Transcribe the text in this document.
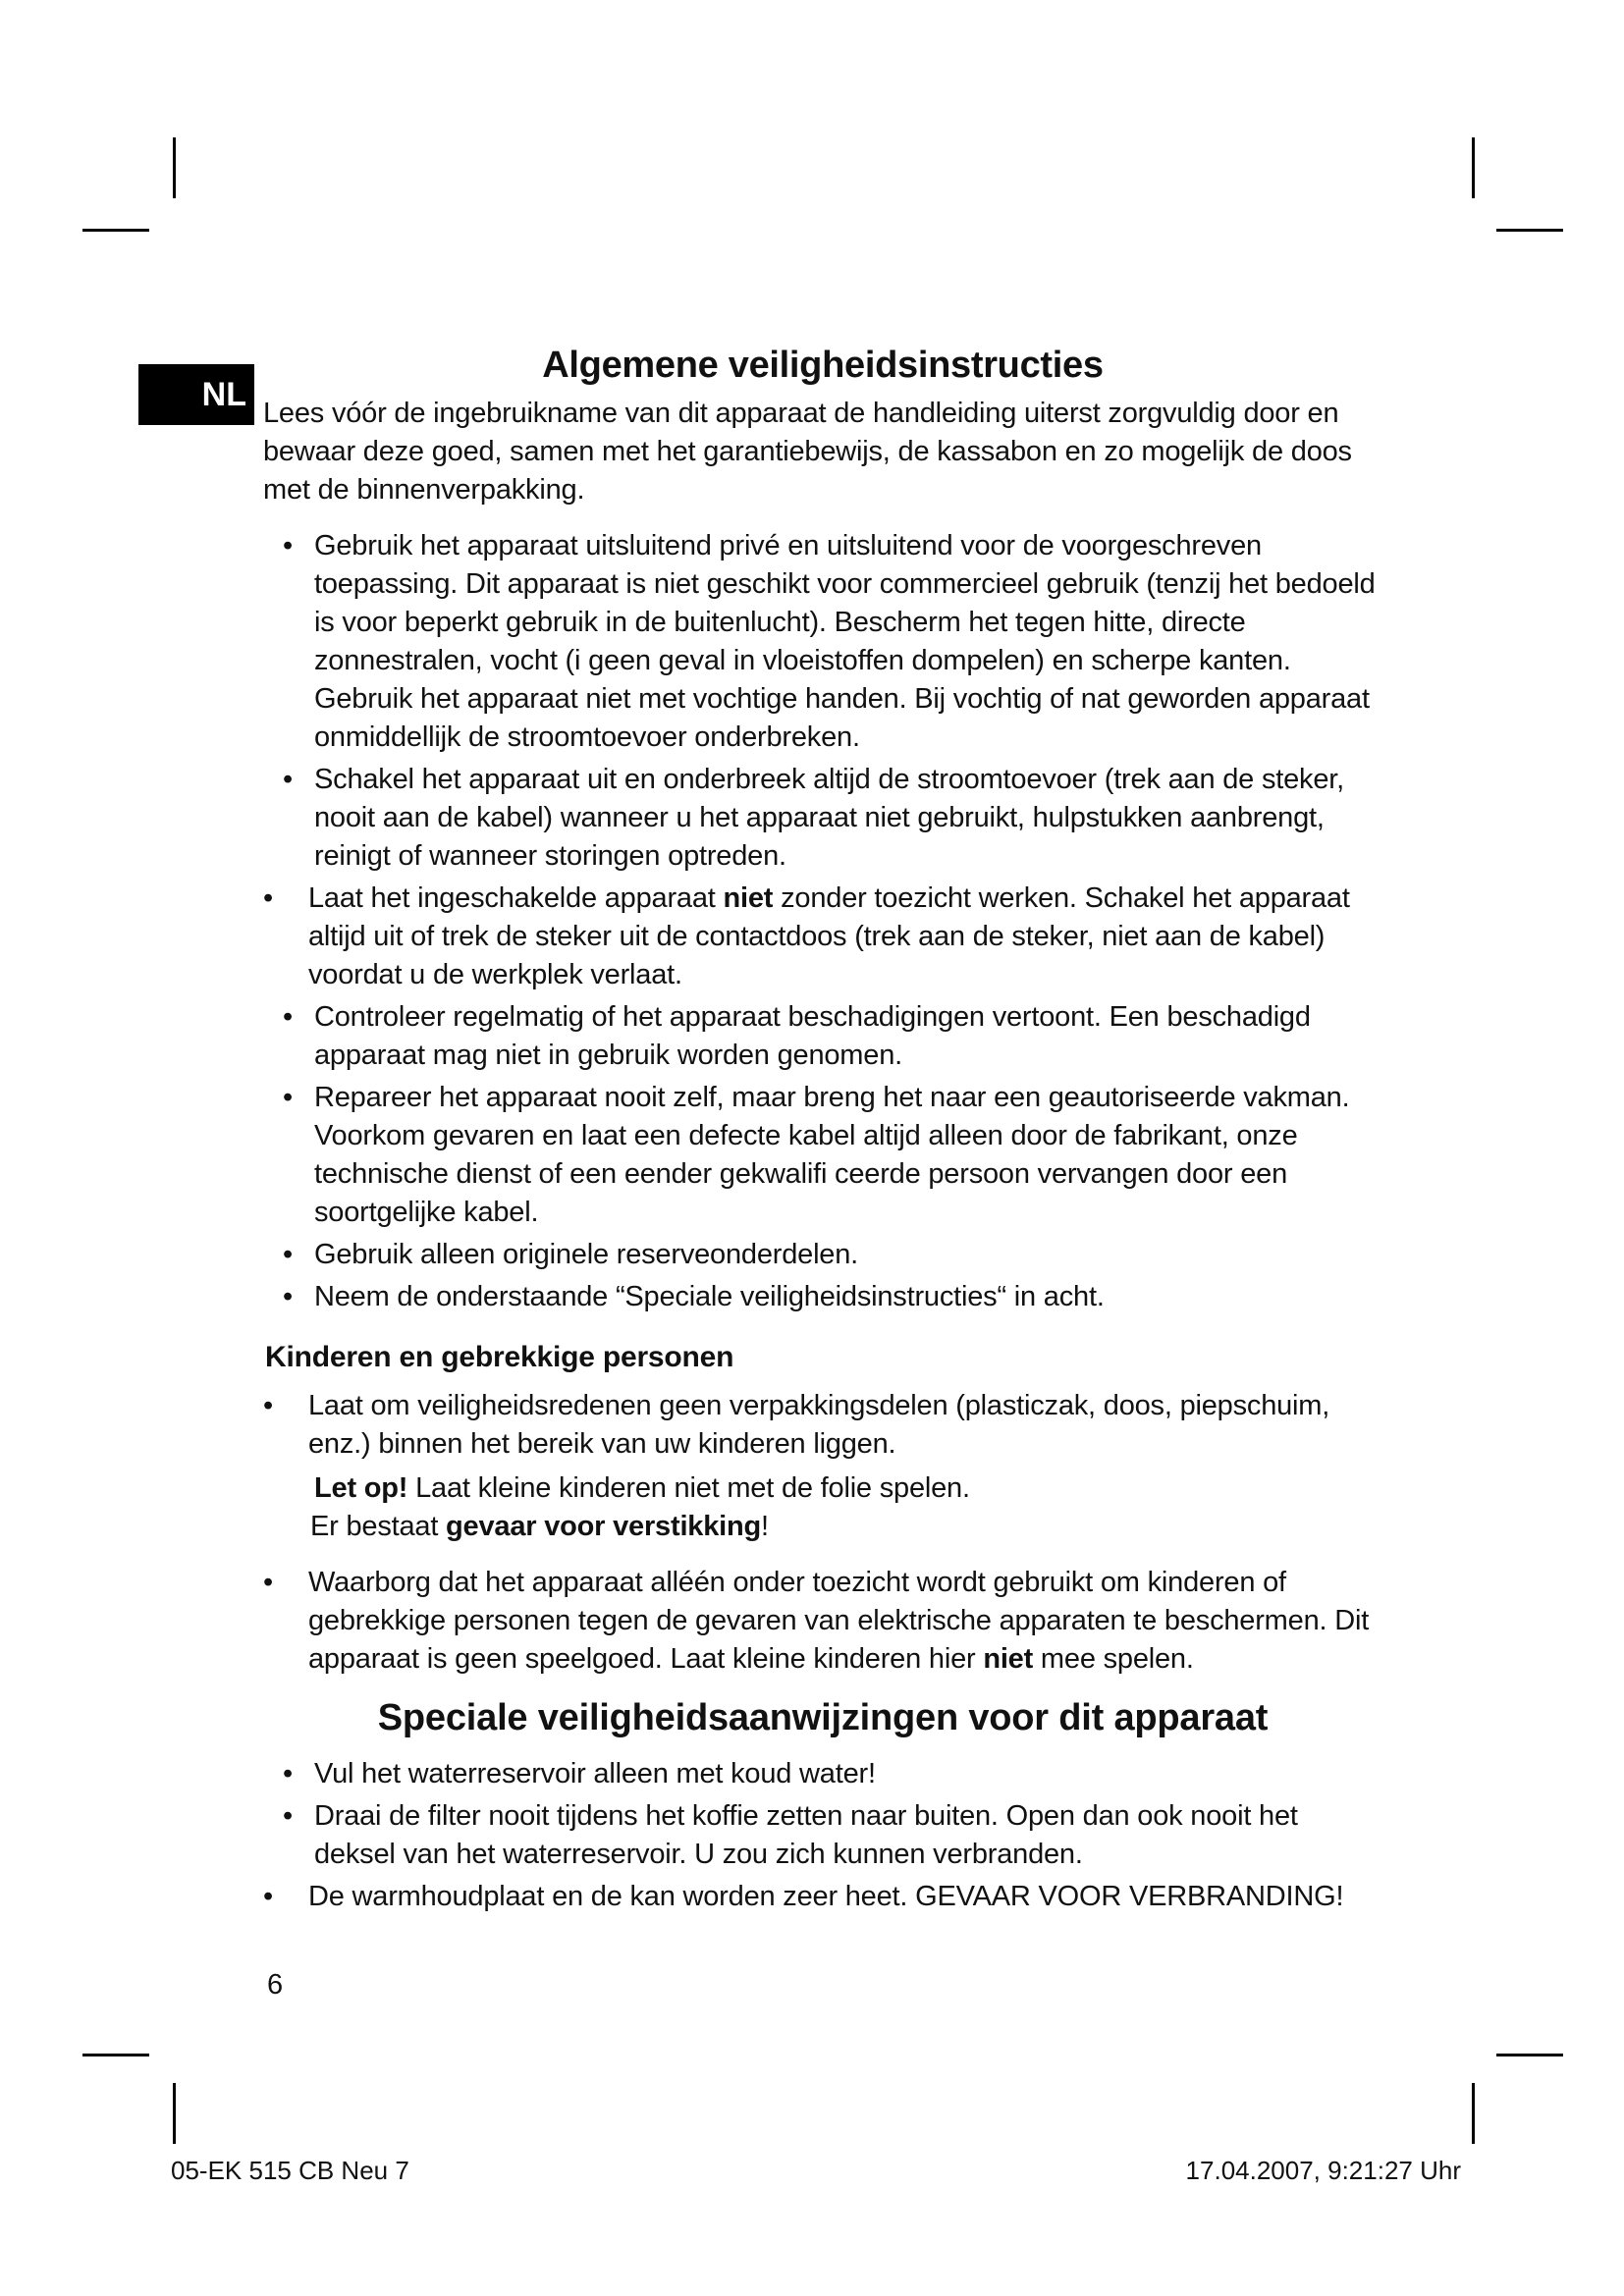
NL
Algemene veiligheidsinstructies

Lees vóór de ingebruikname van dit apparaat de handleiding uiterst zorgvuldig door en bewaar deze goed, samen met het garantiebewijs, de kassabon en zo mogelijk de doos met de binnenverpakking.

• Gebruik het apparaat uitsluitend privé en uitsluitend voor de voorgeschreven toepassing. Dit apparaat is niet geschikt voor commercieel gebruik (tenzij het bedoeld is voor beperkt gebruik in de buitenlucht). Bescherm het tegen hitte, directe zonnestralen, vocht (i geen geval in vloeistoffen dompelen) en scherpe kanten. Gebruik het apparaat niet met vochtige handen. Bij vochtig of nat geworden apparaat onmiddellijk de stroomtoevoer onderbreken.
• Schakel het apparaat uit en onderbreek altijd de stroomtoevoer (trek aan de steker, nooit aan de kabel) wanneer u het apparaat niet gebruikt, hulpstukken aanbrengt, reinigt of wanneer storingen optreden.
• Laat het ingeschakelde apparaat niet zonder toezicht werken. Schakel het apparaat altijd uit of trek de steker uit de contactdoos (trek aan de steker, niet aan de kabel) voordat u de werkplek verlaat.
• Controleer regelmatig of het apparaat beschadigingen vertoont. Een beschadigd apparaat mag niet in gebruik worden genomen.
• Repareer het apparaat nooit zelf, maar breng het naar een geautoriseerde vakman. Voorkom gevaren en laat een defecte kabel altijd alleen door de fabrikant, onze technische dienst of een eender gekwalifi ceerde persoon vervangen door een soortgelijke kabel.
• Gebruik alleen originele reserveonderdelen.
• Neem de onderstaande “Speciale veiligheidsinstructies“ in acht.
Kinderen en gebrekkige personen
• Laat om veiligheidsredenen geen verpakkingsdelen (plasticzak, doos, piepschuim, enz.) binnen het bereik van uw kinderen liggen.
Let op! Laat kleine kinderen niet met de folie spelen.
Er bestaat gevaar voor verstikking!
• Waarborg dat het apparaat alléén onder toezicht wordt gebruikt om kinderen of gebrekkige personen tegen de gevaren van elektrische apparaten te beschermen. Dit apparaat is geen speelgoed. Laat kleine kinderen hier niet mee spelen.
Speciale veiligheidsaanwijzingen voor dit apparaat
• Vul het waterreservoir alleen met koud water!
• Draai de filter nooit tijdens het koffie zetten naar buiten. Open dan ook nooit het deksel van het waterreservoir. U zou zich kunnen verbranden.
• De warmhoudplaat en de kan worden zeer heet. GEVAAR VOOR VERBRANDING!
6
05-EK 515 CB Neu 7	17.04.2007, 9:21:27 Uhr
